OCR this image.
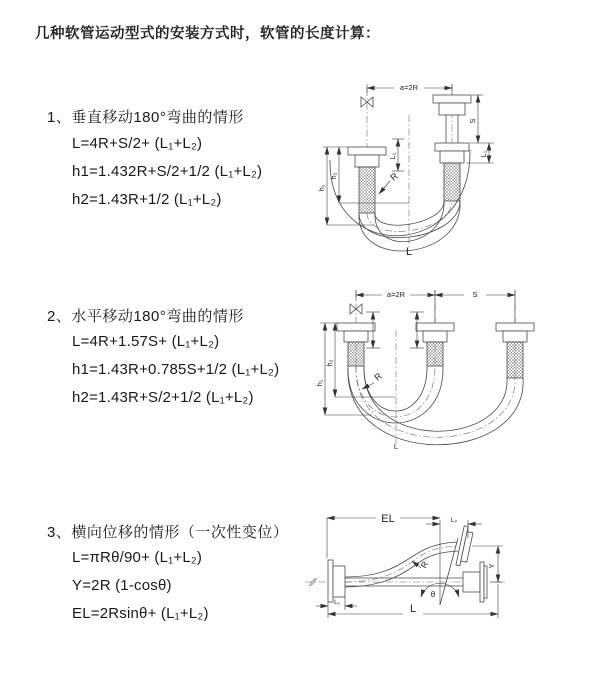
几种软管运动型式的安装方式时，软管的长度计算：
1、垂直移动180°弯曲的情形
L=4R+S/2+ (L₁+L₂)
h1=1.432R+S/2+1/2 (L₁+L₂)
h2=1.43R+1/2 (L₁+L₂)
a=2R
S
L₁
L₁
h₂
h₁
R
L
2、水平移动180°弯曲的情形
L=4R+1.57S+ (L₁+L₂)
h1=1.43R+0.785S+1/2 (L₁+L₂)
h2=1.43R+S/2+1/2 (L₁+L₂)
a=2R	S
h₂
h₁
R
L
3、横向位移的情形（一次性变位）
L=πRθ/90+ (L₁+L₂)
Y=2R (1-cosθ)
EL=2Rsinθ+ (L₁+L₂)
EL	L₂
Y
L₁
L
R
θ
